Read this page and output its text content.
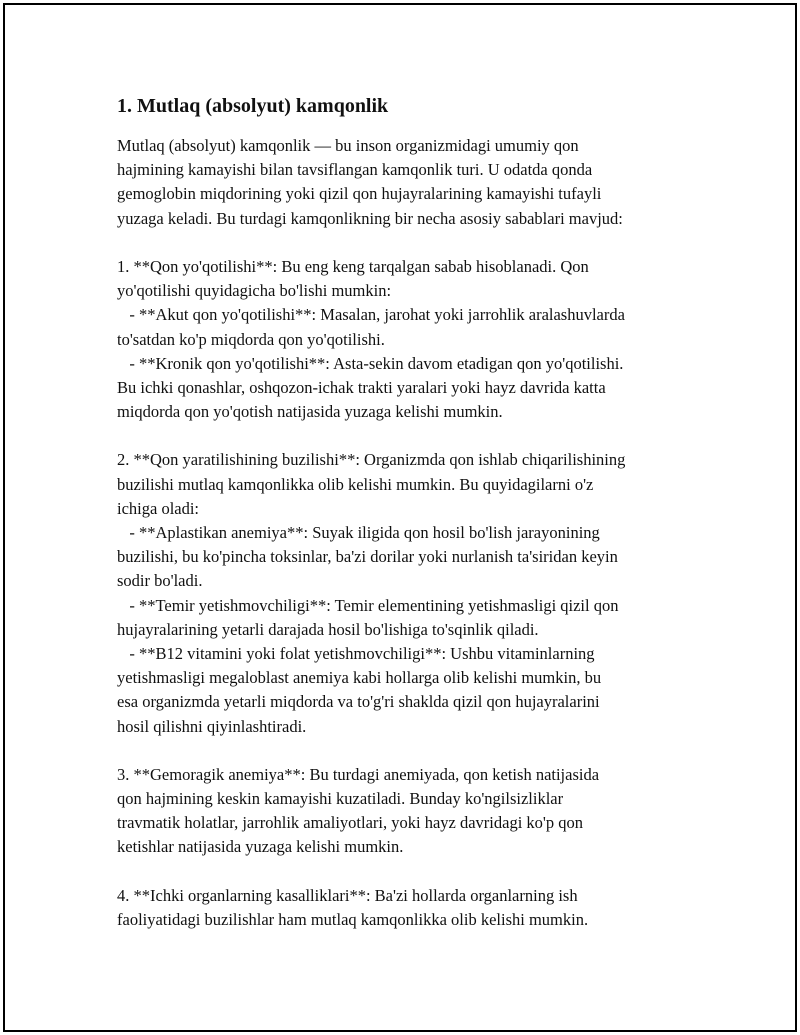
1. Mutlaq (absolyut) kamqonlik
Mutlaq (absolyut) kamqonlik — bu inson organizmidagi umumiy qon
hajmining kamayishi bilan tavsiflangan kamqonlik turi. U odatda qonda
gemoglobin miqdorining yoki qizil qon hujayralarining kamayishi tufayli
yuzaga keladi. Bu turdagi kamqonlikning bir necha asosiy sabablari mavjud:
1. **Qon yo'qotilishi**: Bu eng keng tarqalgan sabab hisoblanadi. Qon
yo'qotilishi quyidagicha bo'lishi mumkin:
- **Akut qon yo'qotilishi**: Masalan, jarohat yoki jarrohlik aralashuvlarda
to'satdan ko'p miqdorda qon yo'qotilishi.
- **Kronik qon yo'qotilishi**: Asta-sekin davom etadigan qon yo'qotilishi.
Bu ichki qonashlar, oshqozon-ichak trakti yaralari yoki hayz davrida katta
miqdorda qon yo'qotish natijasida yuzaga kelishi mumkin.
2. **Qon yaratilishining buzilishi**: Organizmda qon ishlab chiqarilishining
buzilishi mutlaq kamqonlikka olib kelishi mumkin. Bu quyidagilarni o'z
ichiga oladi:
- **Aplastikan anemiya**: Suyak iligida qon hosil bo'lish jarayonining
buzilishi, bu ko'pincha toksinlar, ba'zi dorilar yoki nurlanish ta'siridan keyin
sodir bo'ladi.
- **Temir yetishmovchiligi**: Temir elementining yetishmasligi qizil qon
hujayralarining yetarli darajada hosil bo'lishiga to'sqinlik qiladi.
- **B12 vitamini yoki folat yetishmovchiligi**: Ushbu vitaminlarning
yetishmasligi megaloblast anemiya kabi hollarga olib kelishi mumkin, bu
esa organizmda yetarli miqdorda va to'g'ri shaklda qizil qon hujayralarini
hosil qilishni qiyinlashtiradi.
3. **Gemoragik anemiya**: Bu turdagi anemiyada, qon ketish natijasida
qon hajmining keskin kamayishi kuzatiladi. Bunday ko'ngilsizliklar
travmatik holatlar, jarrohlik amaliyotlari, yoki hayz davridagi ko'p qon
ketishlar natijasida yuzaga kelishi mumkin.
4. **Ichki organlarning kasalliklari**: Ba'zi hollarda organlarning ish
faoliyatidagi buzilishlar ham mutlaq kamqonlikka olib kelishi mumkin.
